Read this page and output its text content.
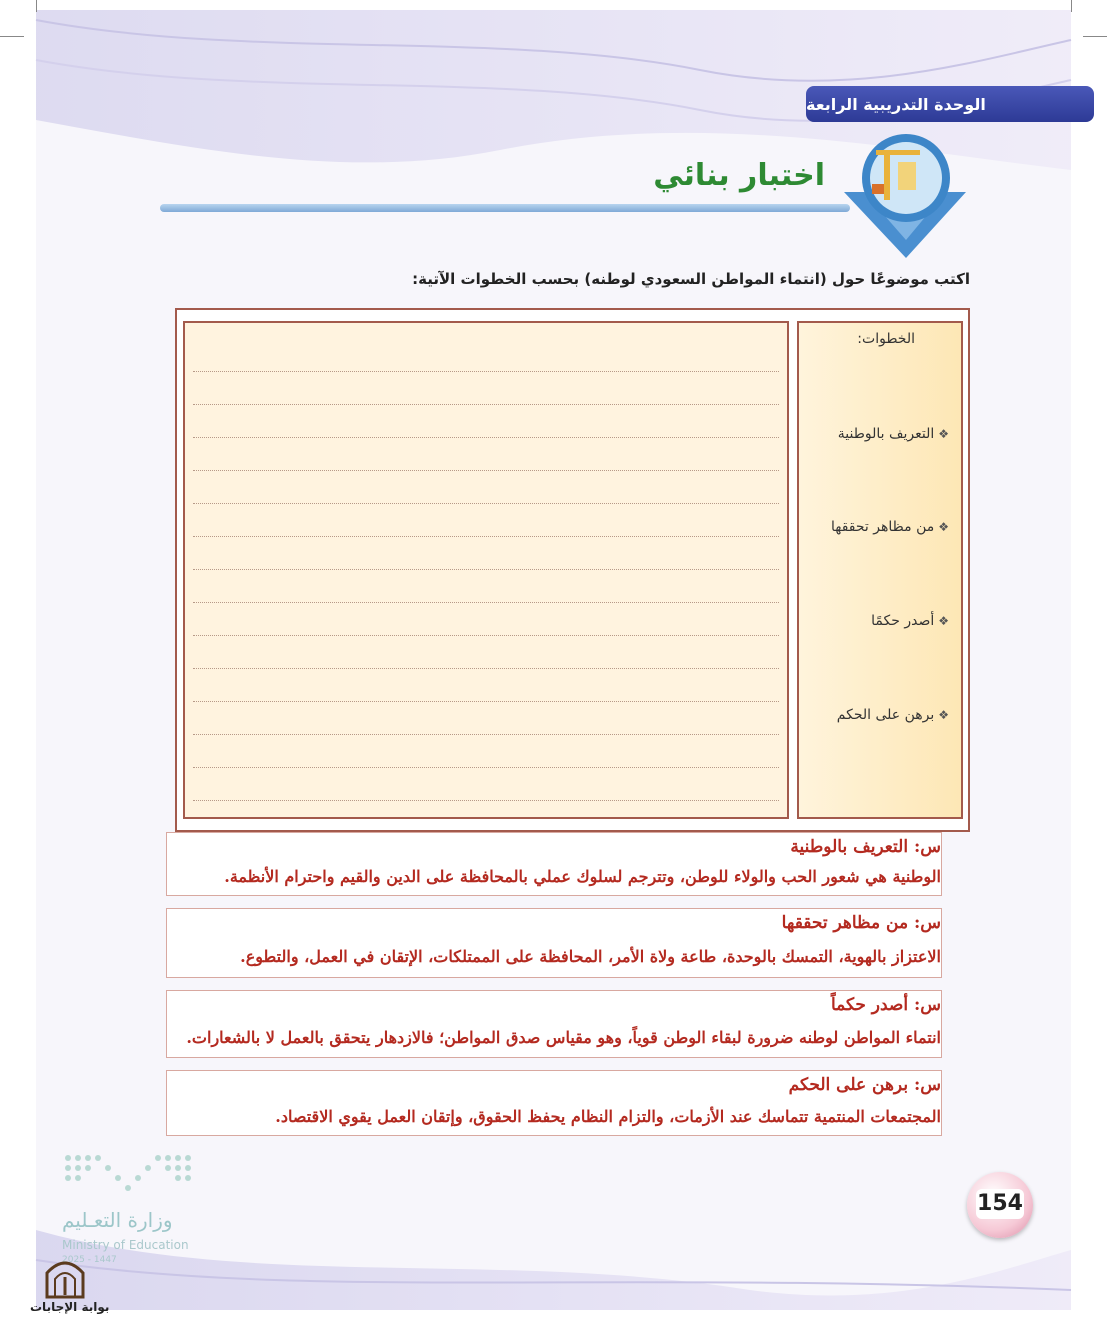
الوحدة التدريبية الرابعة
اختبار بنائي
اكتب موضوعًا حول (انتماء المواطن السعودي لوطنه) بحسب الخطوات الآتية:
الخطوات:
❖التعريف بالوطنية
❖من مظاهر تحققها
❖أصدر حكمًا
❖برهن على الحكم
س: التعريف بالوطنية
الوطنية هي شعور الحب والولاء للوطن، وتترجم لسلوك عملي بالمحافظة على الدين والقيم واحترام الأنظمة.
س: من مظاهر تحققها
الاعتزاز بالهوية، التمسك بالوحدة، طاعة ولاة الأمر، المحافظة على الممتلكات، الإتقان في العمل، والتطوع.
س: أصدر حكماً
انتماء المواطن لوطنه ضرورة لبقاء الوطن قوياً، وهو مقياس صدق المواطن؛ فالازدهار يتحقق بالعمل لا بالشعارات.
س: برهن على الحكم
المجتمعات المنتمية تتماسك عند الأزمات، والتزام النظام يحفظ الحقوق، وإتقان العمل يقوي الاقتصاد.
وزارة التعـليم
Ministry of Education
2025 - 1447
بوابة الإجابات
154
